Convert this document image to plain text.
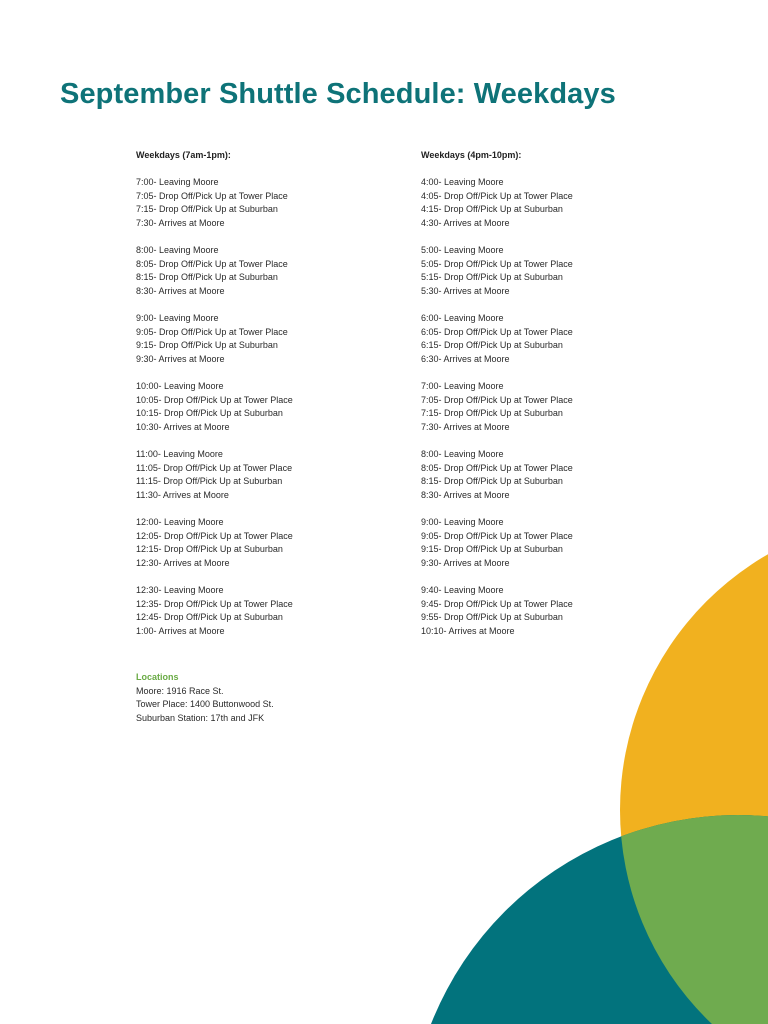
September Shuttle Schedule: Weekdays
Weekdays (7am-1pm):
7:00- Leaving Moore
7:05- Drop Off/Pick Up at Tower Place
7:15- Drop Off/Pick Up at Suburban
7:30- Arrives at Moore
8:00- Leaving Moore
8:05- Drop Off/Pick Up at Tower Place
8:15- Drop Off/Pick Up at Suburban
8:30- Arrives at Moore
9:00- Leaving Moore
9:05- Drop Off/Pick Up at Tower Place
9:15- Drop Off/Pick Up at Suburban
9:30- Arrives at Moore
10:00- Leaving Moore
10:05- Drop Off/Pick Up at Tower Place
10:15- Drop Off/Pick Up at Suburban
10:30- Arrives at Moore
11:00- Leaving Moore
11:05- Drop Off/Pick Up at Tower Place
11:15- Drop Off/Pick Up at Suburban
11:30- Arrives at Moore
12:00- Leaving Moore
12:05- Drop Off/Pick Up at Tower Place
12:15- Drop Off/Pick Up at Suburban
12:30- Arrives at Moore
12:30- Leaving Moore
12:35- Drop Off/Pick Up at Tower Place
12:45- Drop Off/Pick Up at Suburban
1:00- Arrives at Moore
Weekdays (4pm-10pm):
4:00- Leaving Moore
4:05- Drop Off/Pick Up at Tower Place
4:15- Drop Off/Pick Up at Suburban
4:30- Arrives at Moore
5:00- Leaving Moore
5:05- Drop Off/Pick Up at Tower Place
5:15- Drop Off/Pick Up at Suburban
5:30- Arrives at Moore
6:00- Leaving Moore
6:05- Drop Off/Pick Up at Tower Place
6:15- Drop Off/Pick Up at Suburban
6:30- Arrives at Moore
7:00- Leaving Moore
7:05- Drop Off/Pick Up at Tower Place
7:15- Drop Off/Pick Up at Suburban
7:30- Arrives at Moore
8:00- Leaving Moore
8:05- Drop Off/Pick Up at Tower Place
8:15- Drop Off/Pick Up at Suburban
8:30- Arrives at Moore
9:00- Leaving Moore
9:05- Drop Off/Pick Up at Tower Place
9:15- Drop Off/Pick Up at Suburban
9:30- Arrives at Moore
9:40- Leaving Moore
9:45- Drop Off/Pick Up at Tower Place
9:55- Drop Off/Pick Up at Suburban
10:10- Arrives at Moore
Locations
Moore: 1916 Race St.
Tower Place: 1400 Buttonwood St.
Suburban Station: 17th and JFK
